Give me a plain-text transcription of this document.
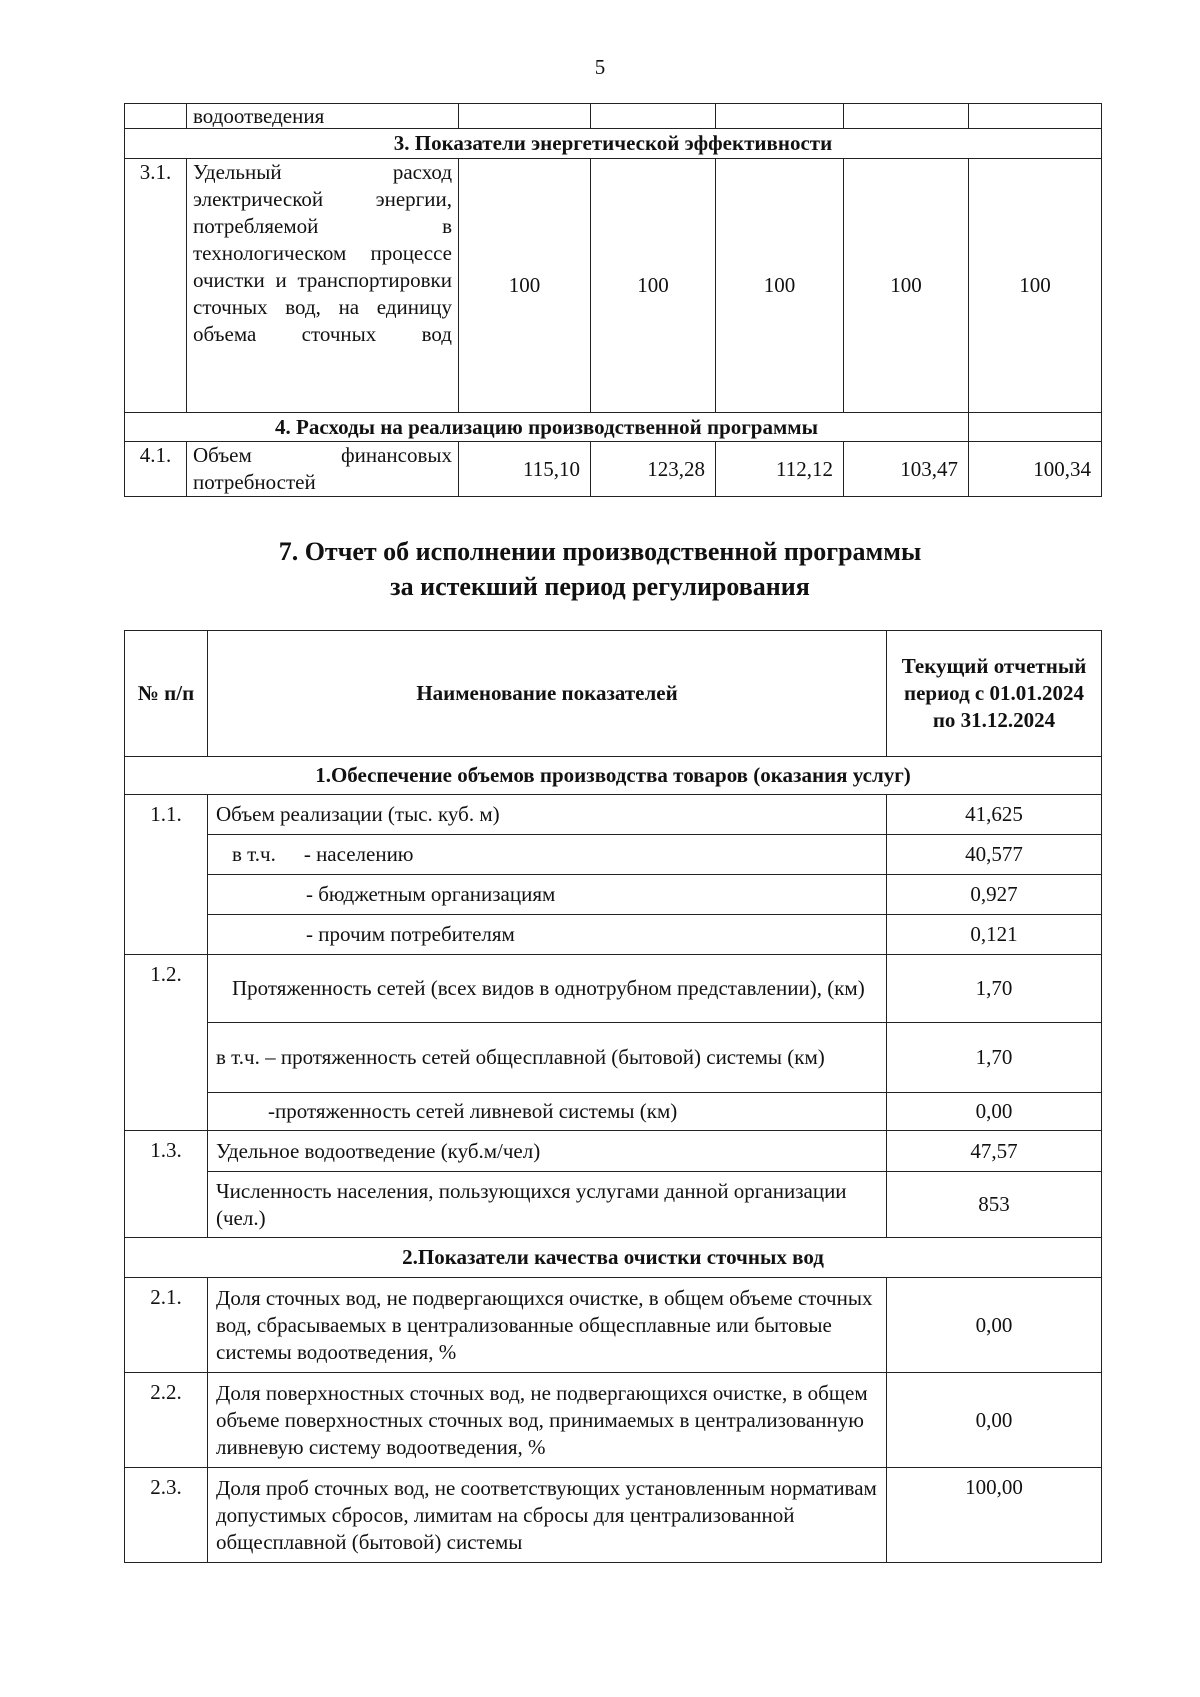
5
	водоотведения					
3. Показатели энергетической эффективности						
3.1.	Удельный расход электрической энергии, потребляемой в технологическом процессе очистки и транспортировки сточных вод, на единицу объема сточных вод	100	100	100	100	100
4. Расходы на реализацию производственной программы						
4.1.	Объем финансовых потребностей	115,10	123,28	112,12	103,47	100,34
7. Отчет об исполнении производственной программы
за истекший период регулирования
№ п/п	Наименование показателей	Текущий отчетный период с 01.01.2024 по 31.12.2024
1.Обеспечение объемов производства товаров (оказания услуг)		
1.1.	Объем реализации (тыс. куб. м)	41,625
	в т.ч. - населению	40,577
	- бюджетным организациям	0,927
	- прочим потребителям	0,121
1.2.	Протяженность сетей (всех видов в однотрубном представлении), (км)	1,70
	в т.ч. – протяженность сетей общесплавной (бытовой) системы (км)	1,70
	-протяженность сетей ливневой системы (км)	0,00
1.3.	Удельное водоотведение (куб.м/чел)	47,57
	Численность населения, пользующихся услугами данной организации (чел.)	853
2.Показатели качества очистки сточных вод		
2.1.	Доля сточных вод, не подвергающихся очистке, в общем объеме сточных вод, сбрасываемых в централизованные общесплавные или бытовые системы водоотведения, %	0,00
2.2.	Доля поверхностных сточных вод, не подвергающихся очистке, в общем объеме поверхностных сточных вод, принимаемых в централизованную ливневую систему водоотведения, %	0,00
2.3.	Доля проб сточных вод, не соответствующих установленным нормативам допустимых сбросов, лимитам на сбросы для централизованной общесплавной (бытовой) системы	100,00
